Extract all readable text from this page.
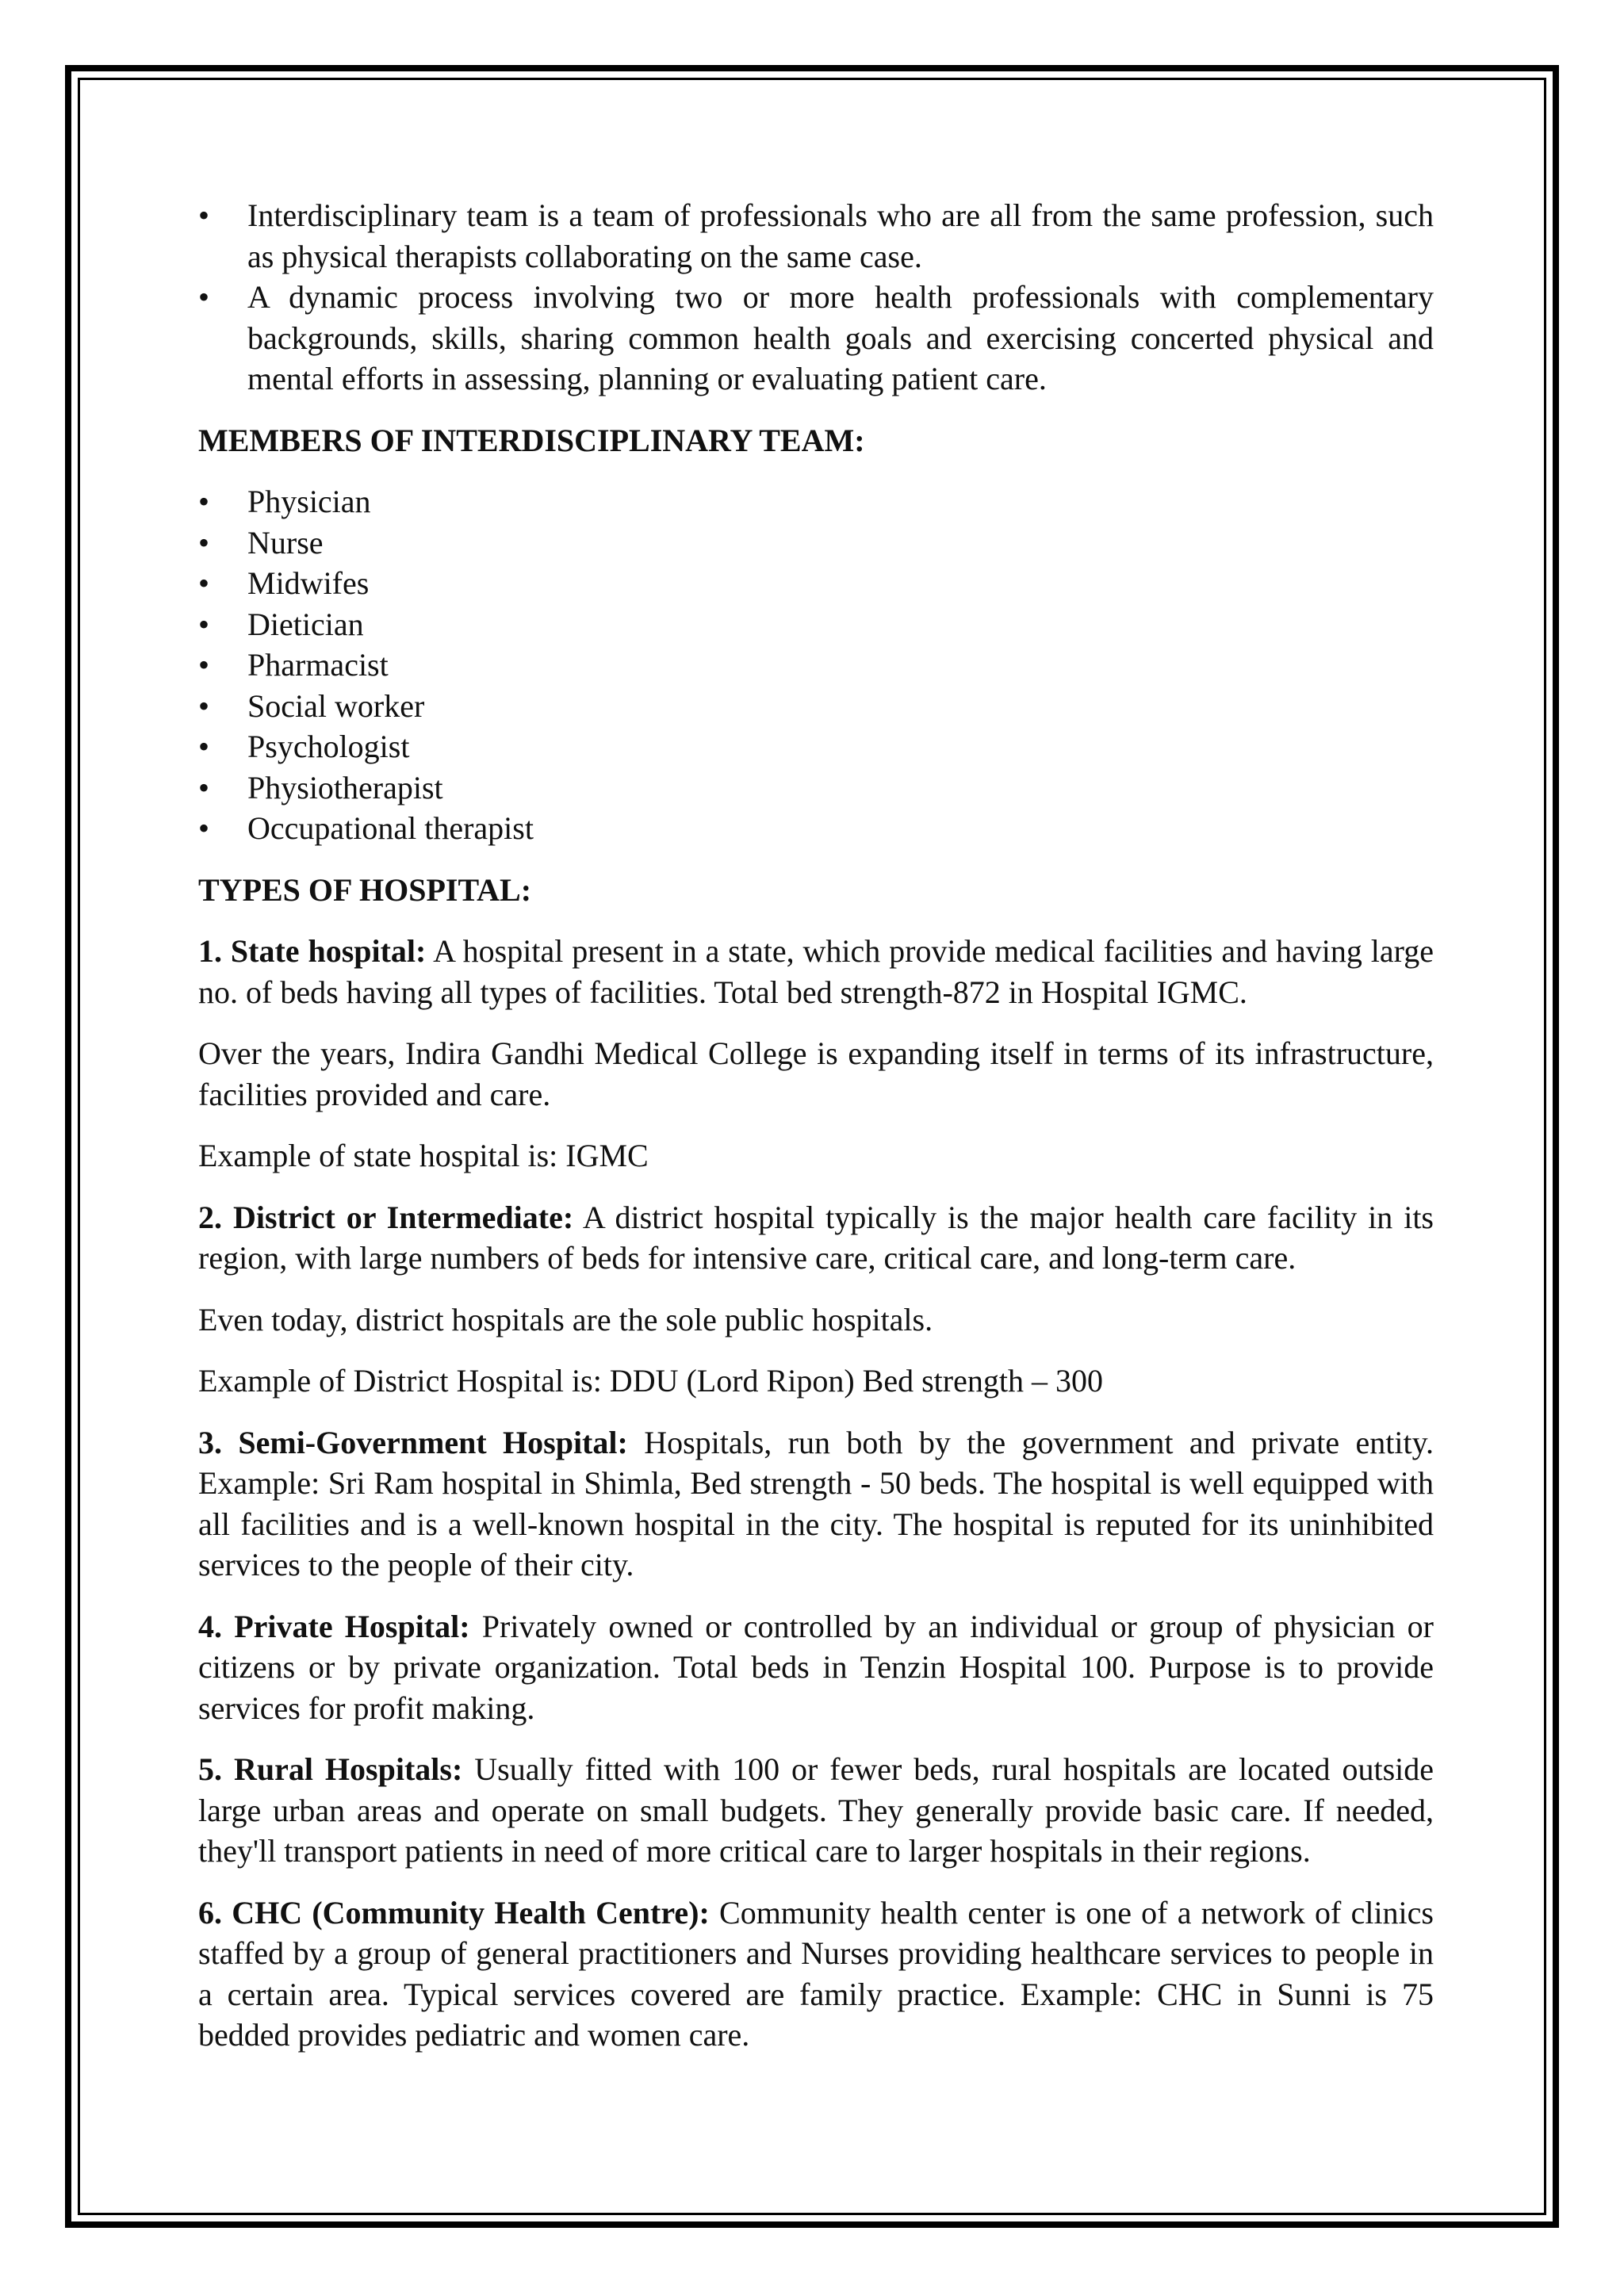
•	Interdisciplinary team is a team of professionals who are all from the same profession, such as physical therapists collaborating on the same case.
•	A dynamic process involving two or more health professionals with complementary backgrounds, skills, sharing common health goals and exercising concerted physical and mental efforts in assessing, planning or evaluating patient care.
MEMBERS OF INTERDISCIPLINARY TEAM:
•	Physician
•	Nurse
•	Midwifes
•	Dietician
•	Pharmacist
•	Social worker
•	Psychologist
•	Physiotherapist
•	Occupational therapist
TYPES OF HOSPITAL:

1. State hospital: A hospital present in a state, which provide medical facilities and having large no. of beds having all types of facilities. Total bed strength-872 in Hospital IGMC.

Over the years, Indira Gandhi Medical College is expanding itself in terms of its infrastructure, facilities provided and care.

Example of state hospital is: IGMC

2. District or Intermediate: A district hospital typically is the major health care facility in its region, with large numbers of beds for intensive care, critical care, and long-term care.

Even today, district hospitals are the sole public hospitals.

Example of District Hospital is: DDU (Lord Ripon) Bed strength – 300

3. Semi-Government Hospital: Hospitals, run both by the government and private entity. Example: Sri Ram hospital in Shimla, Bed strength - 50 beds. The hospital is well equipped with all facilities and is a well-known hospital in the city. The hospital is reputed for its uninhibited services to the people of their city.

4. Private Hospital: Privately owned or controlled by an individual or group of physician or citizens or by private organization. Total beds in Tenzin Hospital 100. Purpose is to provide services for profit making.

5. Rural Hospitals: Usually fitted with 100 or fewer beds, rural hospitals are located outside large urban areas and operate on small budgets. They generally provide basic care. If needed, they'll transport patients in need of more critical care to larger hospitals in their regions.

6. CHC (Community Health Centre): Community health center is one of a network of clinics staffed by a group of general practitioners and Nurses providing healthcare services to people in a certain area. Typical services covered are family practice. Example: CHC in Sunni is 75 bedded provides pediatric and women care.
